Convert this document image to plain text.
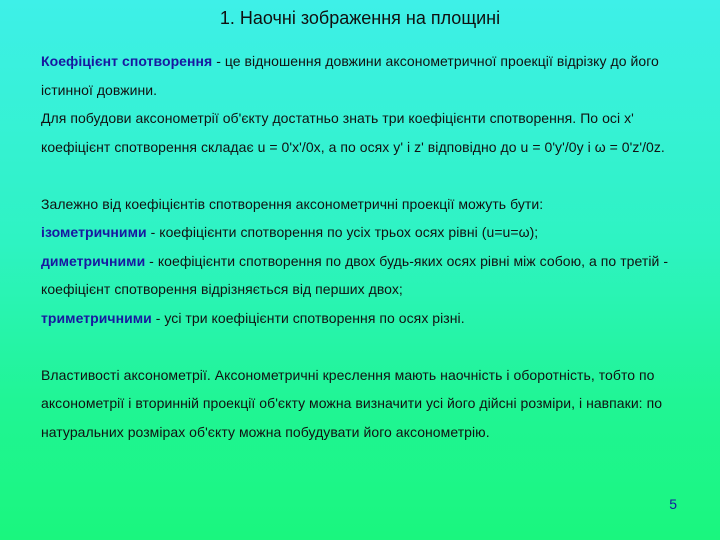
1. Наочні зображення на площині

Коефіцієнт спотворення - це відношення довжини аксонометричної проекції відрізку до його істинної довжини.

Для побудови аксонометрії об'єкту достатньо знать три коефіцієнти спотворення. По осі x' коефіцієнт спотворення складає u = 0'x'/0x, а по осях y' і z' відповідно до u = 0'y'/0y і ω = 0'z'/0z.

Залежно від коефіцієнтів спотворення аксонометричні проекції можуть бути:

ізометричними - коефіцієнти спотворення по усіх трьох осях рівні (u=u=ω);

диметричними - коефіцієнти спотворення по двох будь-яких осях рівні між собою, а по третій - коефіцієнт спотворення відрізняється від перших двох;

триметричними - усі три коефіцієнти спотворення по осях різні.

Властивості аксонометрії. Аксонометричні креслення мають наочність і оборотність, тобто по аксонометрії і вторинній проекції об'єкту можна визначити усі його дійсні розміри, і навпаки: по натуральних розмірах об'єкту можна побудувати його аксонометрію.

5
